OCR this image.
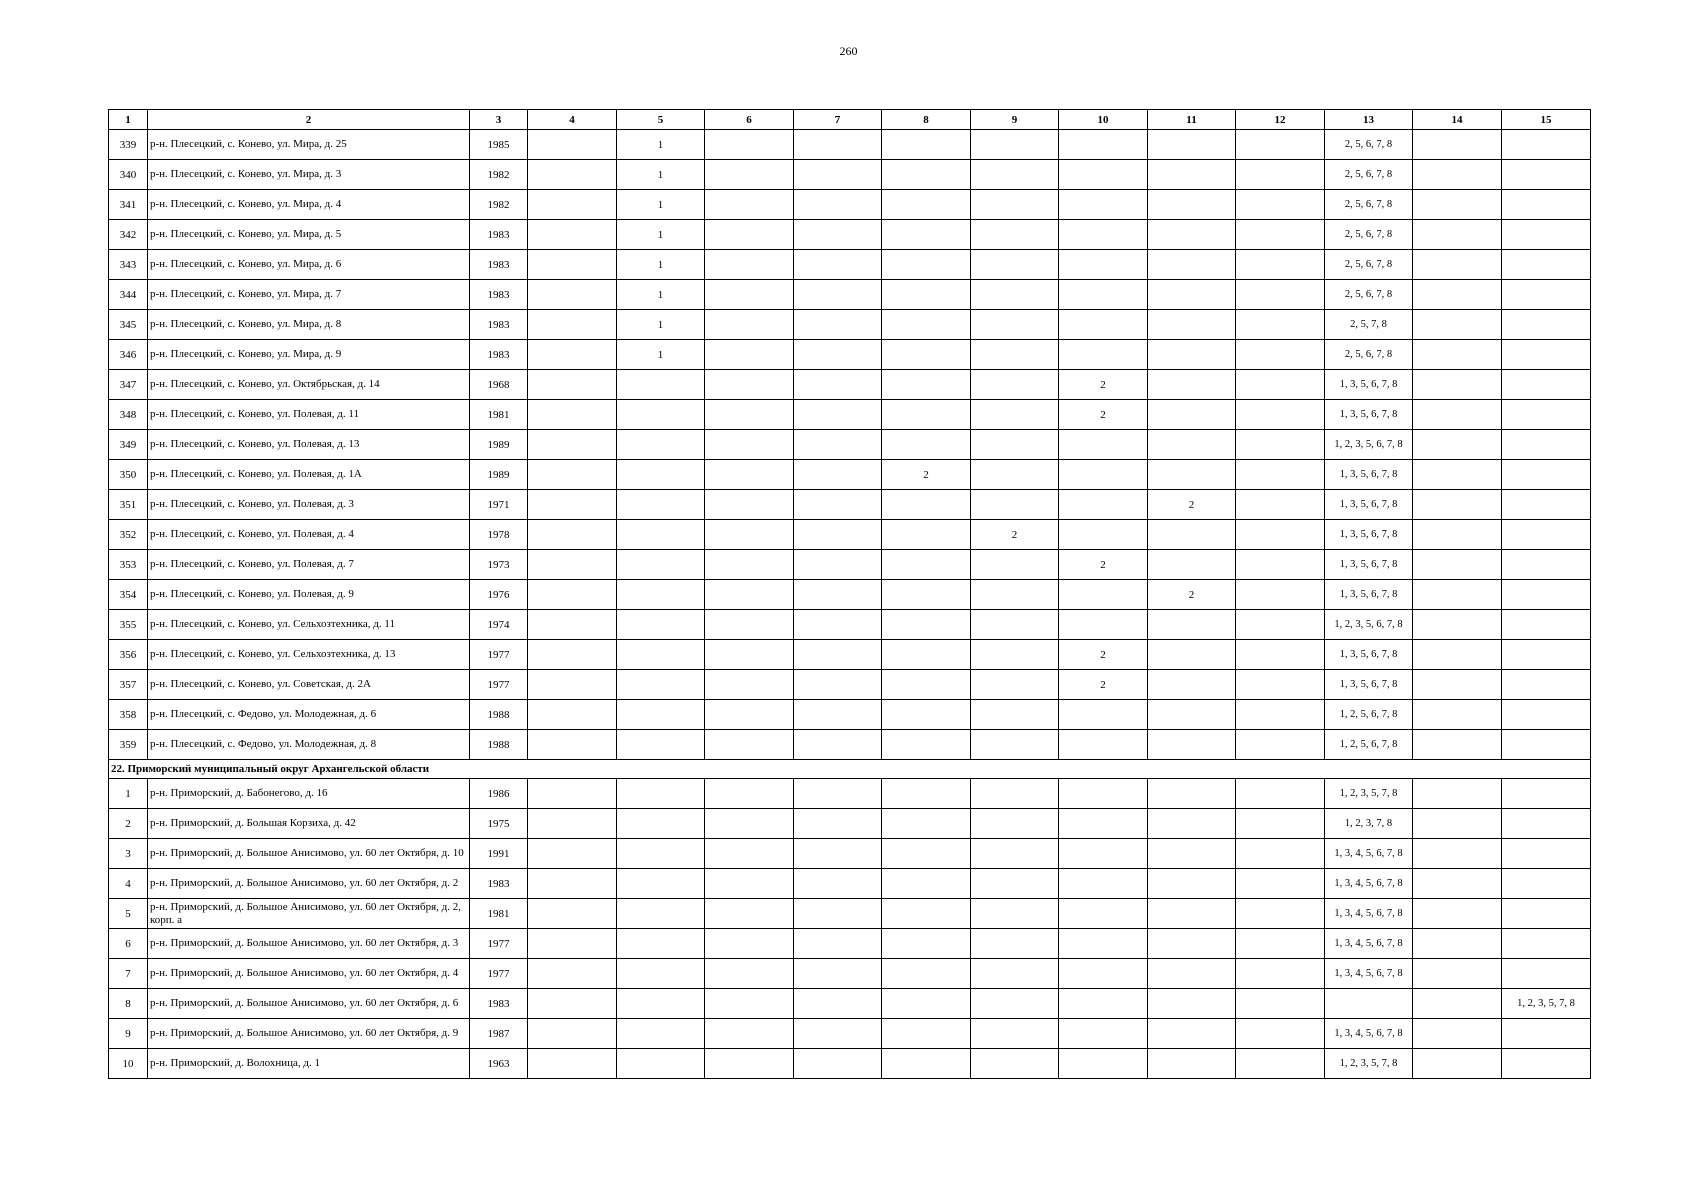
260
1	2	3	4	5	6	7	8	9	10	11	12	13	14	15
339	р-н. Плесецкий, с. Конево, ул. Мира, д. 25	1985		1								2, 5, 6, 7, 8		
340	р-н. Плесецкий, с. Конево, ул. Мира, д. 3	1982		1								2, 5, 6, 7, 8		
341	р-н. Плесецкий, с. Конево, ул. Мира, д. 4	1982		1								2, 5, 6, 7, 8		
342	р-н. Плесецкий, с. Конево, ул. Мира, д. 5	1983		1								2, 5, 6, 7, 8		
343	р-н. Плесецкий, с. Конево, ул. Мира, д. 6	1983		1								2, 5, 6, 7, 8		
344	р-н. Плесецкий, с. Конево, ул. Мира, д. 7	1983		1								2, 5, 6, 7, 8		
345	р-н. Плесецкий, с. Конево, ул. Мира, д. 8	1983		1								2, 5, 7, 8		
346	р-н. Плесецкий, с. Конево, ул. Мира, д. 9	1983		1								2, 5, 6, 7, 8		
347	р-н. Плесецкий, с. Конево, ул. Октябрьская, д. 14	1968							2			1, 3, 5, 6, 7, 8		
348	р-н. Плесецкий, с. Конево, ул. Полевая, д. 11	1981							2			1, 3, 5, 6, 7, 8		
349	р-н. Плесецкий, с. Конево, ул. Полевая, д. 13	1989										1, 2, 3, 5, 6, 7, 8		
350	р-н. Плесецкий, с. Конево, ул. Полевая, д. 1А	1989					2					1, 3, 5, 6, 7, 8		
351	р-н. Плесецкий, с. Конево, ул. Полевая, д. 3	1971								2		1, 3, 5, 6, 7, 8		
352	р-н. Плесецкий, с. Конево, ул. Полевая, д. 4	1978						2				1, 3, 5, 6, 7, 8		
353	р-н. Плесецкий, с. Конево, ул. Полевая, д. 7	1973							2			1, 3, 5, 6, 7, 8		
354	р-н. Плесецкий, с. Конево, ул. Полевая, д. 9	1976								2		1, 3, 5, 6, 7, 8		
355	р-н. Плесецкий, с. Конево, ул. Сельхозтехника, д. 11	1974										1, 2, 3, 5, 6, 7, 8		
356	р-н. Плесецкий, с. Конево, ул. Сельхозтехника, д. 13	1977							2			1, 3, 5, 6, 7, 8		
357	р-н. Плесецкий, с. Конево, ул. Советская, д. 2А	1977							2			1, 3, 5, 6, 7, 8		
358	р-н. Плесецкий, с. Федово, ул. Молодежная, д. 6	1988										1, 2, 5, 6, 7, 8		
359	р-н. Плесецкий, с. Федово, ул. Молодежная, д. 8	1988										1, 2, 5, 6, 7, 8		
22. Приморский муниципальный округ Архангельской области														
1	р-н. Приморский, д. Бабонегово, д. 16	1986										1, 2, 3, 5, 7, 8		
2	р-н. Приморский, д. Большая Корзиха, д. 42	1975										1, 2, 3, 7, 8		
3	р-н. Приморский, д. Большое Анисимово, ул. 60 лет Октября, д. 10	1991										1, 3, 4, 5, 6, 7, 8		
4	р-н. Приморский, д. Большое Анисимово, ул. 60 лет Октября, д. 2	1983										1, 3, 4, 5, 6, 7, 8		
5	р-н. Приморский, д. Большое Анисимово, ул. 60 лет Октября, д. 2, корп. а	1981										1, 3, 4, 5, 6, 7, 8		
6	р-н. Приморский, д. Большое Анисимово, ул. 60 лет Октября, д. 3	1977										1, 3, 4, 5, 6, 7, 8		
7	р-н. Приморский, д. Большое Анисимово, ул. 60 лет Октября, д. 4	1977										1, 3, 4, 5, 6, 7, 8		
8	р-н. Приморский, д. Большое Анисимово, ул. 60 лет Октября, д. 6	1983												1, 2, 3, 5, 7, 8
9	р-н. Приморский, д. Большое Анисимово, ул. 60 лет Октября, д. 9	1987										1, 3, 4, 5, 6, 7, 8		
10	р-н. Приморский, д. Волохница, д. 1	1963										1, 2, 3, 5, 7, 8		
